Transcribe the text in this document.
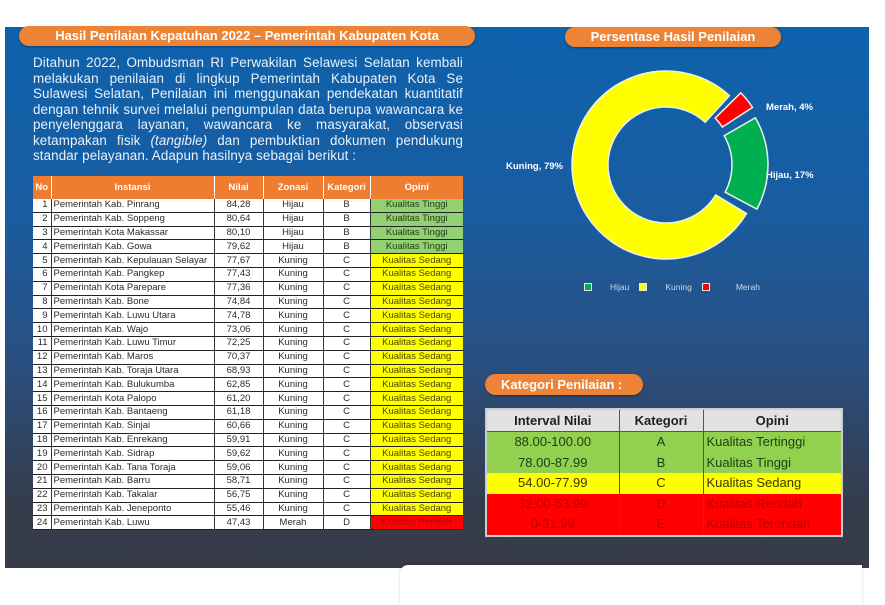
Hasil Penilaian Kepatuhan 2022 – Pemerintah Kabupaten Kota

Ditahun 2022, Ombudsman RI Perwakilan Selawesi Selatan kembali melakukan penilaian di lingkup Pemerintah Kabupaten Kota Se Sulawesi Selatan, Penilaian ini menggunakan pendekatan kuantitatif dengan tehnik survei melalui pengumpulan data berupa wawancara ke penyelenggara layanan, wawancara ke masyarakat, observasi ketampakan fisik (tangible) dan pembuktian dokumen pendukung standar pelayanan. Adapun hasilnya sebagai berikut :

No	Instansi	Nilai	Zonasi	Kategori	Opini
1	Pemerintah Kab. Pinrang	84,28	Hijau	B	Kualitas Tinggi
2	Pemerintah Kab. Soppeng	80,64	Hijau	B	Kualitas Tinggi
3	Pemerintah Kota Makassar	80,10	Hijau	B	Kualitas Tinggi
4	Pemerintah Kab. Gowa	79,62	Hijau	B	Kualitas Tinggi
5	Pemerintah Kab. Kepulauan Selayar	77,67	Kuning	C	Kualitas Sedang
6	Pemerintah Kab. Pangkep	77,43	Kuning	C	Kualitas Sedang
7	Pemerintah Kota Parepare	77,36	Kuning	C	Kualitas Sedang
8	Pemerintah Kab. Bone	74,84	Kuning	C	Kualitas Sedang
9	Pemerintah Kab. Luwu Utara	74,78	Kuning	C	Kualitas Sedang
10	Pemerintah Kab. Wajo	73,06	Kuning	C	Kualitas Sedang
11	Pemerintah Kab. Luwu Timur	72,25	Kuning	C	Kualitas Sedang
12	Pemerintah Kab. Maros	70,37	Kuning	C	Kualitas Sedang
13	Pemerintah Kab. Toraja Utara	68,93	Kuning	C	Kualitas Sedang
14	Pemerintah Kab. Bulukumba	62,85	Kuning	C	Kualitas Sedang
15	Pemerintah Kota Palopo	61,20	Kuning	C	Kualitas Sedang
16	Pemerintah Kab. Bantaeng	61,18	Kuning	C	Kualitas Sedang
17	Pemerintah Kab. Sinjai	60,66	Kuning	C	Kualitas Sedang
18	Pemerintah Kab. Enrekang	59,91	Kuning	C	Kualitas Sedang
19	Pemerintah Kab. Sidrap	59,62	Kuning	C	Kualitas Sedang
20	Pemerintah Kab. Tana Toraja	59,06	Kuning	C	Kualitas Sedang
21	Pemerintah Kab. Barru	58,71	Kuning	C	Kualitas Sedang
22	Pemerintah Kab. Takalar	56,75	Kuning	C	Kualitas Sedang
23	Pemerintah Kab. Jeneponto	55,46	Kuning	C	Kualitas Sedang
24	Pemerintah Kab. Luwu	47,43	Merah	D	Kualitas Rendah
Persentase Hasil Penilaian
Kuning, 79%
Merah, 4%
Hijau, 17%
Hijau	Kuning	Merah
Kategori Penilaian :
Interval Nilai	Kategori	Opini
88.00-100.00	A	Kualitas Tertinggi
78.00-87.99	B	Kualitas Tinggi
54.00-77.99	C	Kualitas Sedang
32.00-53.99	D	Kualitas Rendah
0-31.99	E	Kualitas Terendah
